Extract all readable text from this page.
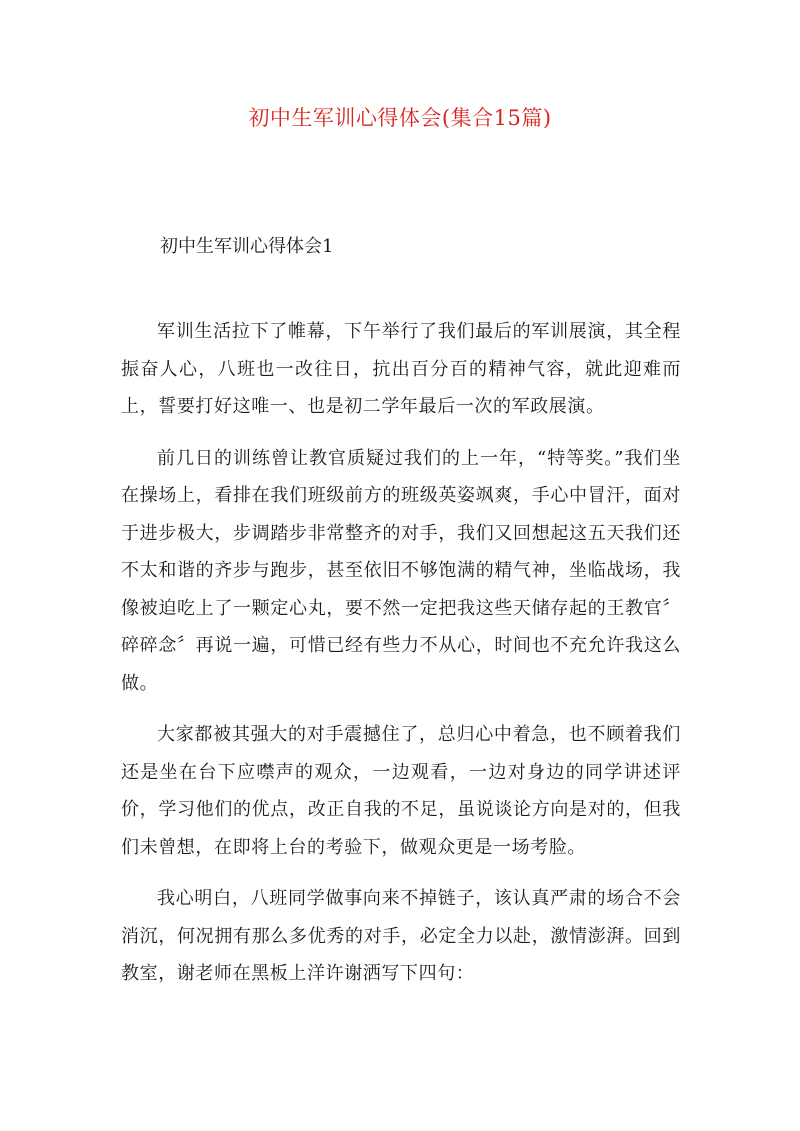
初中生军训心得体会(集合15篇)
初中生军训心得体会1

军训生活拉下了帷幕，下午举行了我们最后的军训展演，其全程振奋人心，八班也一改往日，抗出百分百的精神气容，就此迎难而上，誓要打好这唯一、也是初二学年最后一次的军政展演。

前几日的训练曾让教官质疑过我们的上一年，“特等奖。”我们坐在操场上，看排在我们班级前方的班级英姿飒爽，手心中冒汗，面对于进步极大，步调踏步非常整齐的对手，我们又回想起这五天我们还不太和谐的齐步与跑步，甚至依旧不够饱满的精气神，坐临战场，我像被迫吃上了一颗定心丸，要不然一定把我这些天储存起的王教官〞碎碎念〞再说一遍，可惜已经有些力不从心，时间也不充允许我这么做。

大家都被其强大的对手震撼住了，总归心中着急，也不顾着我们还是坐在台下应噤声的观众，一边观看，一边对身边的同学讲述评价，学习他们的优点，改正自我的不足，虽说谈论方向是对的，但我们未曾想，在即将上台的考验下，做观众更是一场考脸。

我心明白，八班同学做事向来不掉链子，该认真严肃的场合不会消沉，何况拥有那么多优秀的对手，必定全力以赴，激情澎湃。回到教室，谢老师在黑板上洋许谢洒写下四句：
